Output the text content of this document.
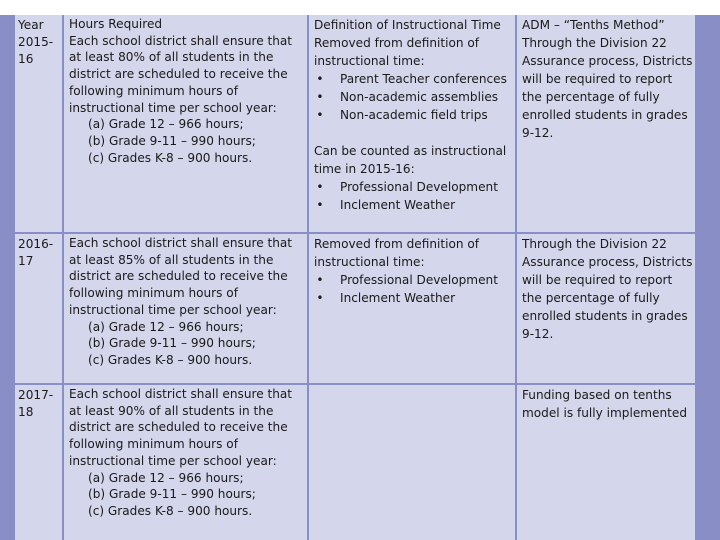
Year
2015-16
Hours Required
Each school district shall ensure that at least 80% of all students in the district are scheduled to receive the following minimum hours of instructional time per school year:
(a) Grade 12 – 966 hours;
(b) Grade 9-11 – 990 hours;
(c) Grades K-8 – 900 hours.
Definition of Instructional Time
Removed from definition of instructional time:
• Parent Teacher conferences
• Non-academic assemblies
• Non-academic field trips
Can be counted as instructional time in 2015-16:
• Professional Development
• Inclement Weather
ADM – “Tenths Method”
Through the Division 22 Assurance process, Districts will be required to report the percentage of fully enrolled students in grades 9-12.
2016-17
Each school district shall ensure that at least 85% of all students in the district are scheduled to receive the following minimum hours of instructional time per school year:
(a) Grade 12 – 966 hours;
(b) Grade 9-11 – 990 hours;
(c) Grades K-8 – 900 hours.
Removed from definition of instructional time:
• Professional Development
• Inclement Weather
Through the Division 22 Assurance process, Districts will be required to report the percentage of fully enrolled students in grades 9-12.
2017-18
Each school district shall ensure that at least 90% of all students in the district are scheduled to receive the following minimum hours of instructional time per school year:
(a) Grade 12 – 966 hours;
(b) Grade 9-11 – 990 hours;
(c) Grades K-8 – 900 hours.
Funding based on tenths model is fully implemented
